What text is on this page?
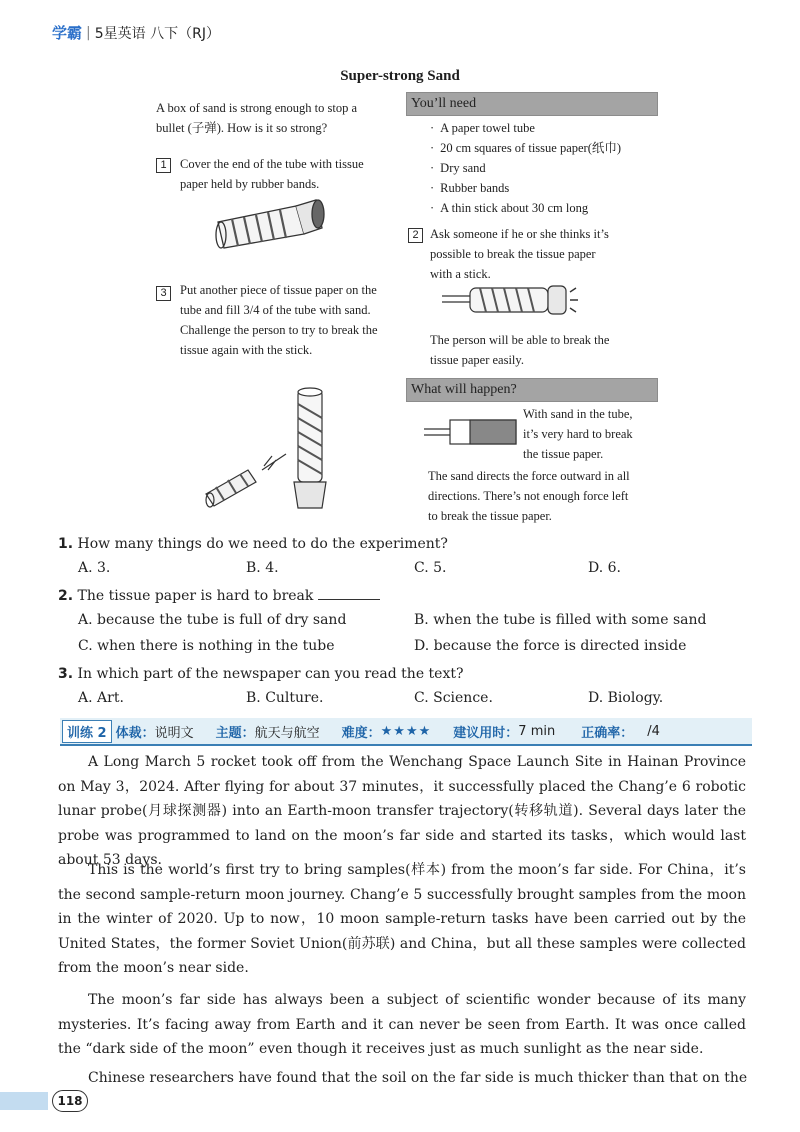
学霸 | 5星英语 八下（RJ）
Super-strong Sand
A box of sand is strong enough to stop a
bullet (子弹). How is it so strong?
You’ll need
· A paper towel tube
· 20 cm squares of tissue paper(纸巾)
· Dry sand
· Rubber bands
· A thin stick about 30 cm long
1	Cover the end of the tube with tissue
paper held by rubber bands.
2 Ask someone if he or she thinks it’s
possible to break the tissue paper
with a stick.
The person will be able to break the
tissue paper easily.
3	Put another piece of tissue paper on the
tube and fill 3/4 of the tube with sand.
Challenge the person to try to break the
tissue again with the stick.
What will happen?
With sand in the tube,
it’s very hard to break
the tissue paper.
The sand directs the force outward in all
directions. There’s not enough force left
to break the tissue paper.
1. How many things do we need to do the experiment?
A. 3.	B. 4.	C. 5.	D. 6.
2. The tissue paper is hard to break
A. because the tube is full of dry sand	B. when the tube is filled with some sand
C. when there is nothing in the tube	D. because the force is directed inside
3. In which part of the newspaper can you read the text?
A. Art.	B. Culture.	C. Science.	D. Biology.
训练 2 体裁： 说明文 主题： 航天与航空 难度： ★★★★ 建议用时： 7 min 正确率： /4
A Long March 5 rocket took off from the Wenchang Space Launch Site in Hainan Province on May 3，2024. After flying for about 37 minutes，it successfully placed the Chang’e 6 robotic lunar probe(月球探测器) into an Earth-moon transfer trajectory(转移轨道). Several days later the probe was programmed to land on the moon’s far side and started its tasks，which would last about 53 days.
This is the world’s first try to bring samples(样本) from the moon’s far side. For China，it’s the second sample-return moon journey. Chang’e 5 successfully brought samples from the moon in the winter of 2020. Up to now，10 moon sample-return tasks have been carried out by the United States，the former Soviet Union(前苏联) and China，but all these samples were collected from the moon’s near side.
The moon’s far side has always been a subject of scientific wonder because of its many mysteries. It’s facing away from Earth and it can never be seen from Earth. It was once called the “dark side of the moon” even though it receives just as much sunlight as the near side.
Chinese researchers have found that the soil on the far side is much thicker than that on the
118
